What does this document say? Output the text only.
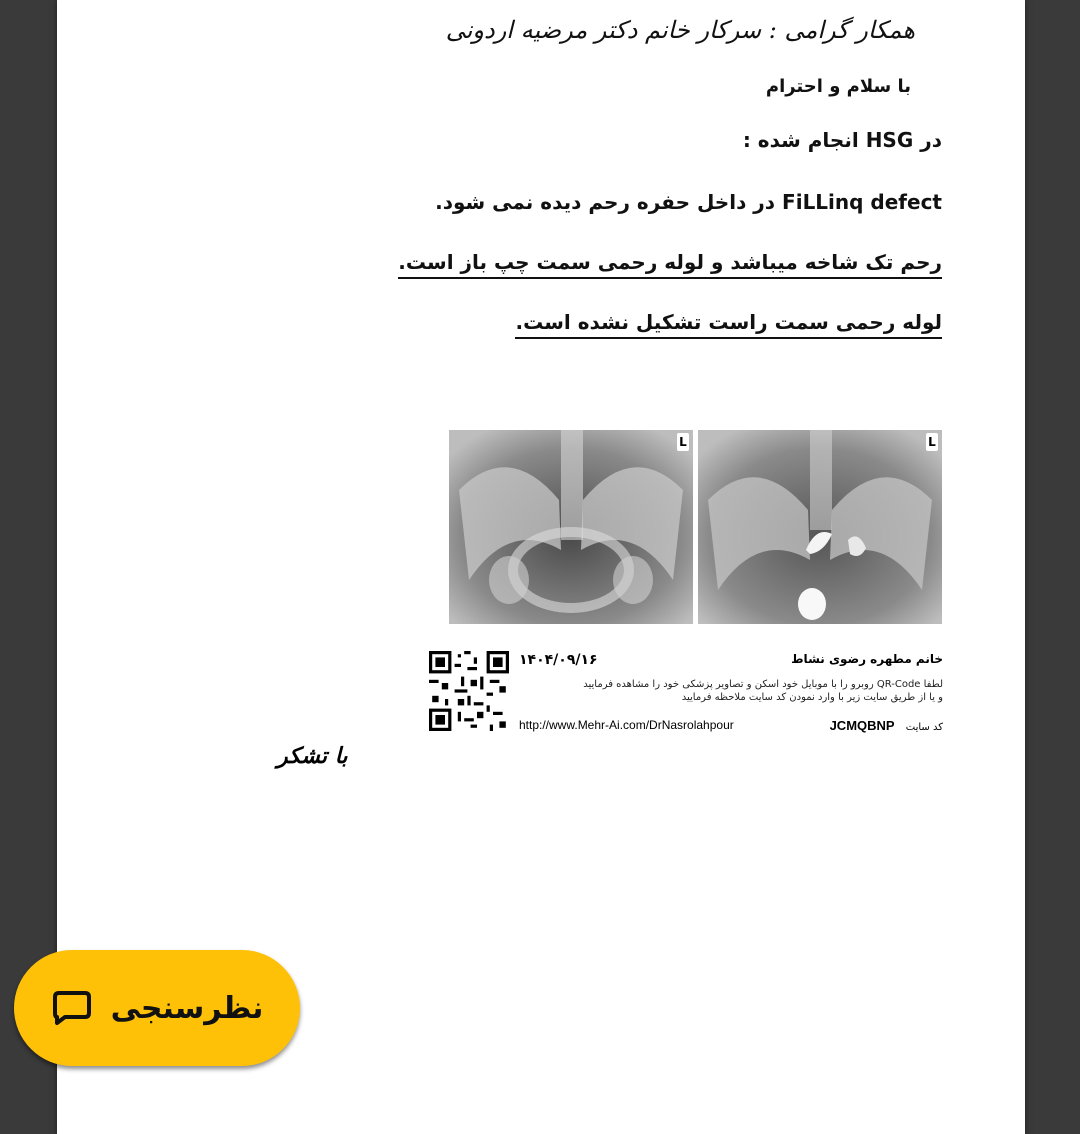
همکار گرامی : سرکار خانم دکتر مرضیه اردونی
با سلام و احترام
در HSG انجام شده :
FiLLinq defect در داخل حفره رحم دیده نمی شود.
رحم تک شاخه میباشد و لوله رحمی سمت چپ باز است.
لوله رحمی سمت راست تشکیل نشده است.
L	L
خانم مطهره رضوی نشاط
۱۴۰۴/۰۹/۱۶
لطفا QR-Code روبرو را با موبایل خود اسکن و تصاویر پزشکی خود را مشاهده فرمایید
و یا از طریق سایت زیر با وارد نمودن کد سایت ملاحظه فرمایید
http://www.Mehr-Ai.com/DrNasrolahpour	کد سایت JCMQBNP
با تشکر
نظرسنجی
